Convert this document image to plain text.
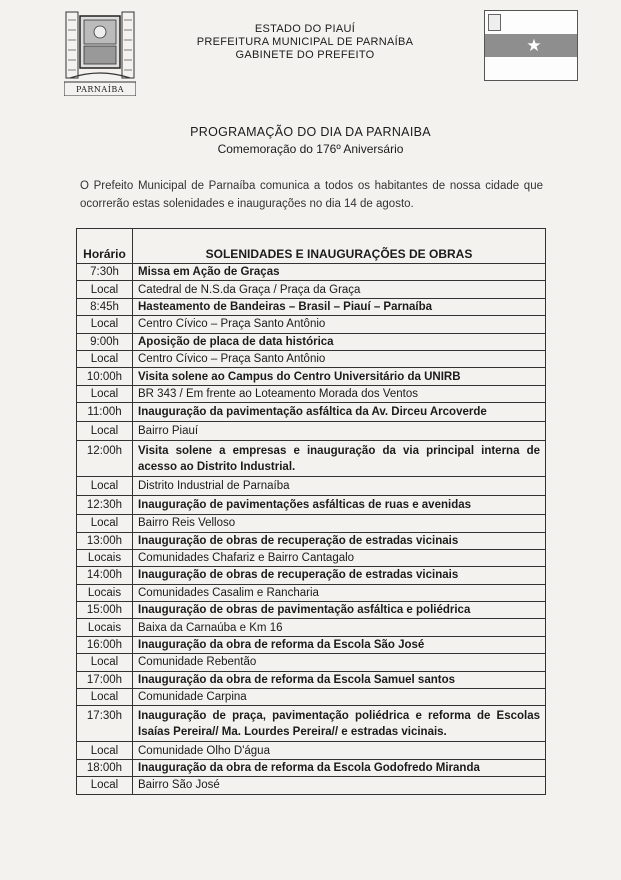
PARNAÍBA
ESTADO DO PIAUÍ
PREFEITURA MUNICIPAL DE PARNAÍBA
GABINETE DO PREFEITO	★
PROGRAMAÇÃO DO DIA DA PARNAIBA
Comemoração do 176º Aniversário
O Prefeito Municipal de Parnaíba comunica a todos os habitantes de nossa cidade que ocorrerão estas solenidades e inaugurações no dia 14 de agosto.
Horário	SOLENIDADES E INAUGURAÇÕES DE OBRAS
7:30h	Missa em Ação de Graças
Local	Catedral de N.S.da Graça / Praça da Graça
8:45h	Hasteamento de Bandeiras – Brasil – Piauí – Parnaíba
Local	Centro Cívico – Praça Santo Antônio
9:00h	Aposição de placa de data histórica
Local	Centro Cívico – Praça Santo Antônio
10:00h	Visita solene ao Campus do Centro Universitário da UNIRB
Local	BR 343 / Em frente ao Loteamento Morada dos Ventos
11:00h	Inauguração da pavimentação asfáltica da Av. Dirceu Arcoverde
Local	Bairro Piauí
12:00h	Visita solene a empresas e inauguração da via principal interna de acesso ao Distrito Industrial.
Local	Distrito Industrial de Parnaíba
12:30h	Inauguração de pavimentações asfálticas de ruas e avenidas
Local	Bairro Reis Velloso
13:00h	Inauguração de obras de recuperação de estradas vicinais
Locais	Comunidades Chafariz e Bairro Cantagalo
14:00h	Inauguração de obras de recuperação de estradas vicinais
Locais	Comunidades Casalim e Rancharia
15:00h	Inauguração de obras de pavimentação asfáltica e poliédrica
Locais	Baixa da Carnaúba e Km 16
16:00h	Inauguração da obra de reforma da Escola São José
Local	Comunidade Rebentão
17:00h	Inauguração da obra de reforma da Escola Samuel santos
Local	Comunidade Carpina
17:30h	Inauguração de praça, pavimentação poliédrica e reforma de Escolas Isaías Pereira// Ma. Lourdes Pereira// e estradas vicinais.
Local	Comunidade Olho D'água
18:00h	Inauguração da obra de reforma da Escola Godofredo Miranda
Local	Bairro São José
